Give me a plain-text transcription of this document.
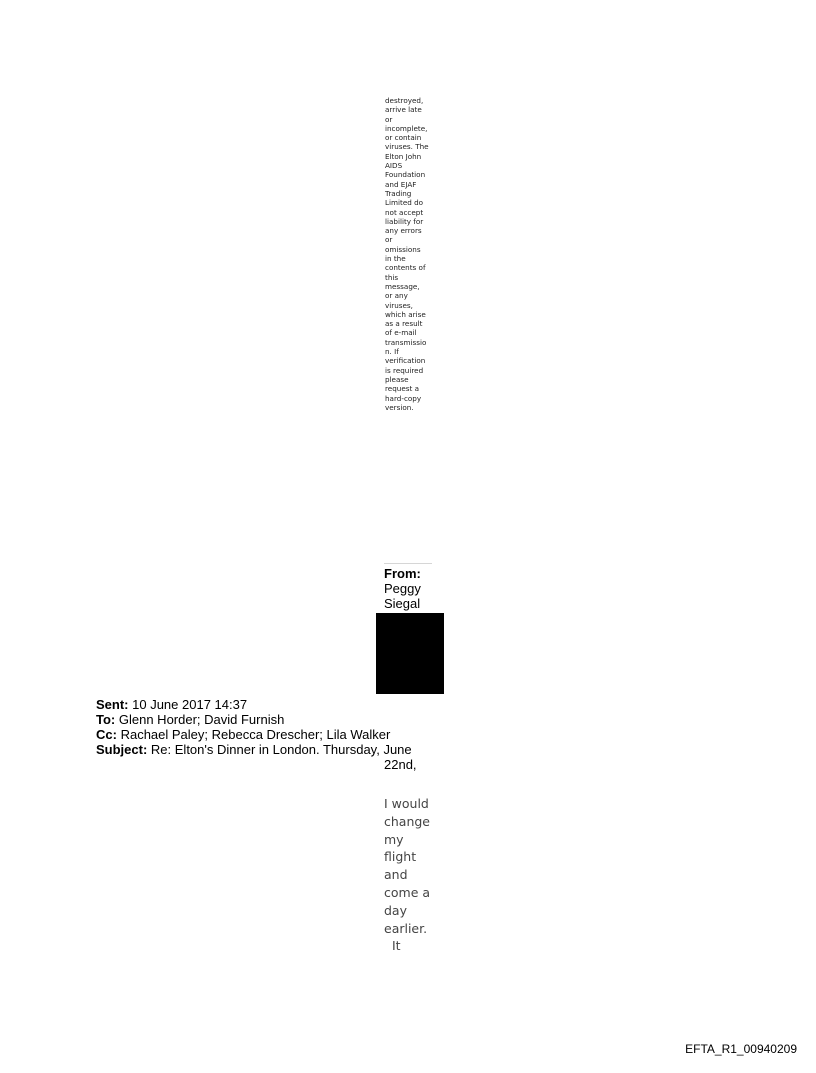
destroyed,
arrive late
or
incomplete,
or contain
viruses. The
Elton John
AIDS
Foundation
and EJAF
Trading
Limited do
not accept
liability for
any errors
or
omissions
in the
contents of
this
message,
or any
viruses,
which arise
as a result
of e-mail
transmissio
n. If
verification
is required
please
request a
hard-copy
version.
From:
Peggy
Siegal
Sent: 10 June 2017 14:37
To: Glenn Horder; David Furnish
Cc: Rachael Paley; Rebecca Drescher; Lila Walker
Subject: Re: Elton's Dinner in London. Thursday, June
22nd,
I would
change
my
flight
and
come a
day
earlier.
It
EFTA_R1_00940209
